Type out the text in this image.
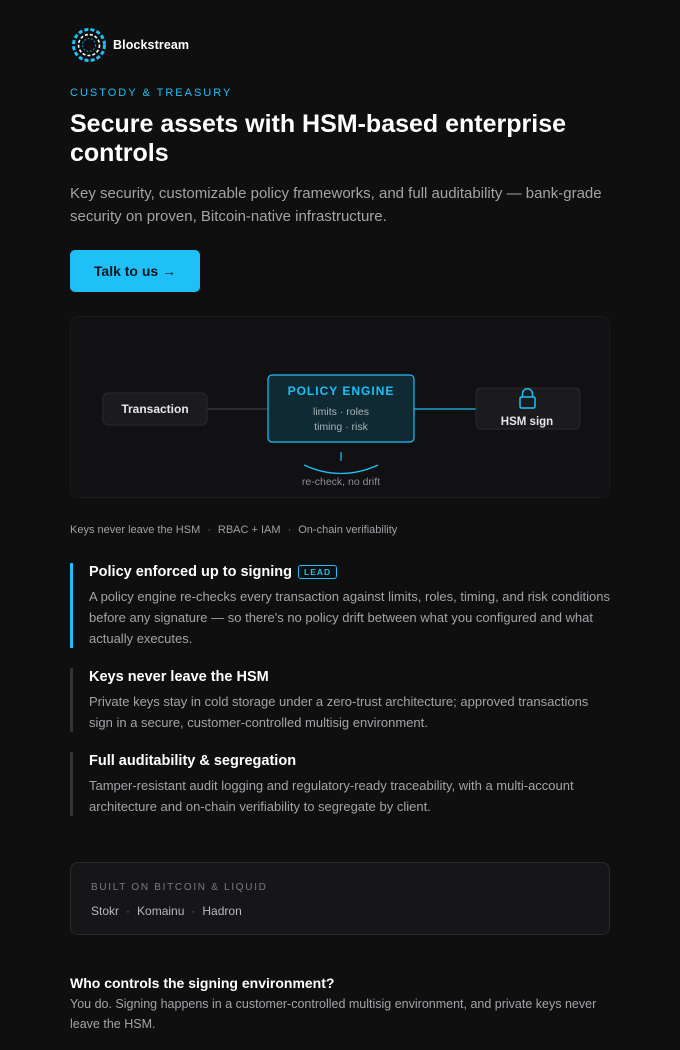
Blockstream
CUSTODY & TREASURY
Secure assets with HSM-based enterprise controls

Key security, customizable policy frameworks, and full auditability — bank-grade security on proven, Bitcoin-native infrastructure.

Talk to us →
Transaction
POLICY ENGINE
limits · roles
timing · risk	HSM sign
re-check, no drift
Keys never leave the HSM · RBAC + IAM · On-chain verifiability
Policy enforced up to signing	LEAD

A policy engine re-checks every transaction against limits, roles, timing, and risk conditions before any signature — so there's no policy drift between what you configured and what actually executes.

Keys never leave the HSM

Private keys stay in cold storage under a zero-trust architecture; approved transactions sign in a secure, customer-controlled multisig environment.

Full auditability & segregation

Tamper-resistant audit logging and regulatory-ready traceability, with a multi-account architecture and on-chain verifiability to segregate by client.

BUILT ON BITCOIN & LIQUID
Stokr · Komainu · Hadron
Who controls the signing environment?

You do. Signing happens in a customer-controlled multisig environment, and private keys never leave the HSM.
